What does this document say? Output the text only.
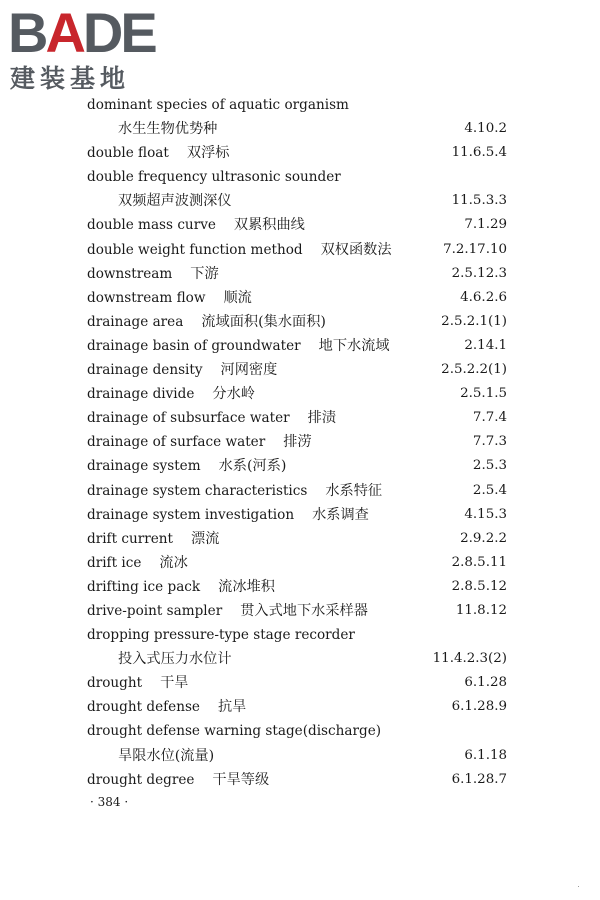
BADE
建装基地
dominant species of aquatic organism
水生生物优势种	4.10.2
double float 双浮标	11.6.5.4
double frequency ultrasonic sounder
双频超声波测深仪	11.5.3.3
double mass curve 双累积曲线	7.1.29
double weight function method 双权函数法	7.2.17.10
downstream 下游	2.5.12.3
downstream flow 顺流	4.6.2.6
drainage area 流域面积(集水面积)	2.5.2.1(1)
drainage basin of groundwater 地下水流域	2.14.1
drainage density 河网密度	2.5.2.2(1)
drainage divide 分水岭	2.5.1.5
drainage of subsurface water 排渍	7.7.4
drainage of surface water 排涝	7.7.3
drainage system 水系(河系)	2.5.3
drainage system characteristics 水系特征	2.5.4
drainage system investigation 水系调查	4.15.3
drift current 漂流	2.9.2.2
drift ice 流冰	2.8.5.11
drifting ice pack 流冰堆积	2.8.5.12
drive-point sampler 贯入式地下水采样器	11.8.12
dropping pressure-type stage recorder
投入式压力水位计	11.4.2.3(2)
drought 干旱	6.1.28
drought defense 抗旱	6.1.28.9
drought defense warning stage(discharge)
旱限水位(流量)	6.1.18
drought degree 干旱等级	6.1.28.7
· 384 ·
